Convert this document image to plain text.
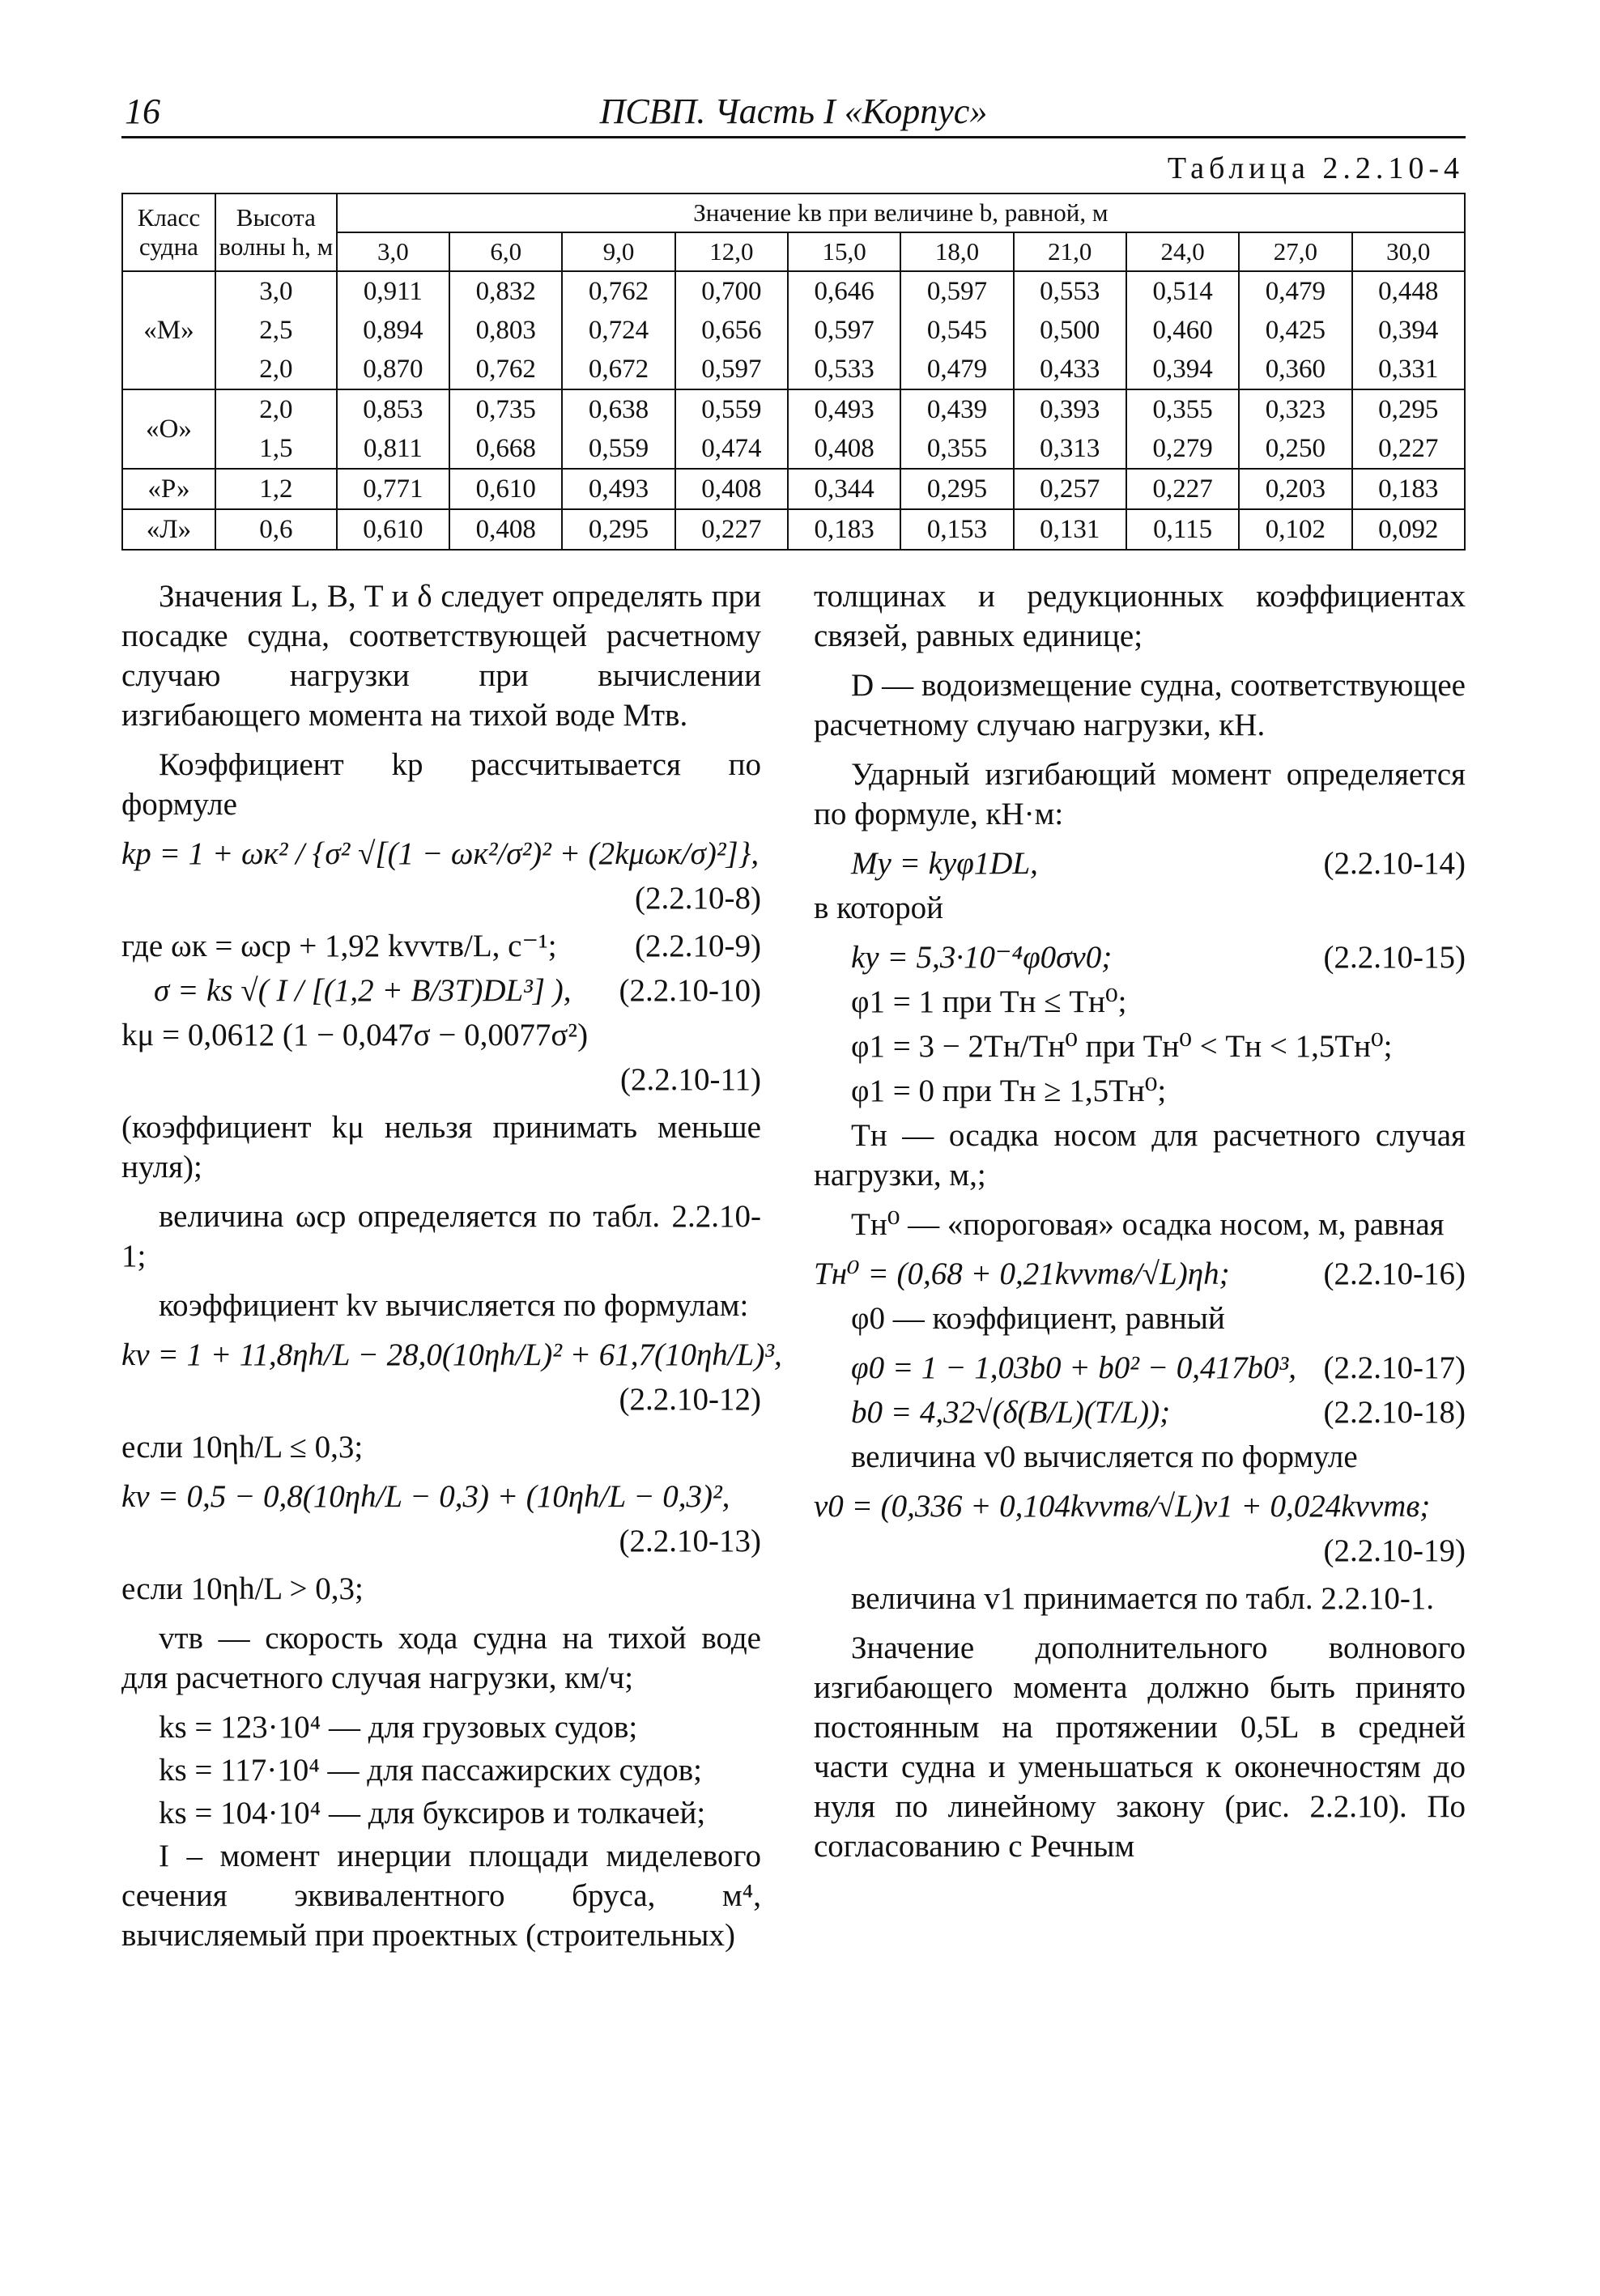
16	ПСВП. Часть I «Корпус»
Таблица 2.2.10-4
Класс судна	Высота волны h, м	Значение kв при величине b, равной, м									
		3,0	6,0	9,0	12,0	15,0	18,0	21,0	24,0	27,0	30,0
«М»	3,0	0,911	0,832	0,762	0,700	0,646	0,597	0,553	0,514	0,479	0,448
	2,5	0,894	0,803	0,724	0,656	0,597	0,545	0,500	0,460	0,425	0,394
	2,0	0,870	0,762	0,672	0,597	0,533	0,479	0,433	0,394	0,360	0,331
«О»	2,0	0,853	0,735	0,638	0,559	0,493	0,439	0,393	0,355	0,323	0,295
	1,5	0,811	0,668	0,559	0,474	0,408	0,355	0,313	0,279	0,250	0,227
«Р»	1,2	0,771	0,610	0,493	0,408	0,344	0,295	0,257	0,227	0,203	0,183
«Л»	0,6	0,610	0,408	0,295	0,227	0,183	0,153	0,131	0,115	0,102	0,092

Значения L, B, T и δ следует определять при посадке судна, соответствующей расчетному случаю нагрузки при вычислении изгибающего момента на тихой воде Mтв.

Коэффициент kр рассчитывается по формуле

kр = 1 + ωк² / {σ² √[(1 − ωк²/σ²)² + (2kμωк/σ)²]},
(2.2.10-8)
где ωк = ωср + 1,92 kvvтв/L, с⁻¹; (2.2.10-9)
σ = ks √( I / [(1,2 + B/3T)DL³] ), (2.2.10-10)
kμ = 0,0612 (1 − 0,047σ − 0,0077σ²)
(2.2.10-11)

(коэффициент kμ нельзя принимать меньше нуля);

величина ωср определяется по табл. 2.2.10-1;

коэффициент kv вычисляется по формулам:

kv = 1 + 11,8ηh/L − 28,0(10ηh/L)² + 61,7(10ηh/L)³,
(2.2.10-12)

если 10ηh/L ≤ 0,3;

kv = 0,5 − 0,8(10ηh/L − 0,3) + (10ηh/L − 0,3)²,
(2.2.10-13)

если 10ηh/L > 0,3;

vтв — скорость хода судна на тихой воде для расчетного случая нагрузки, км/ч;

ks = 123·10⁴ — для грузовых судов;

ks = 117·10⁴ — для пассажирских судов;

ks = 104·10⁴ — для буксиров и толкачей;

I – момент инерции площади миделевого сечения эквивалентного бруса, м⁴, вычисляемый при проектных (строительных)

толщинах и редукционных коэффициентах связей, равных единице;

D — водоизмещение судна, соответствующее расчетному случаю нагрузки, кН.

Ударный изгибающий момент определяется по формуле, кН·м:

Mу = kуφ1DL,	(2.2.10-14)

в которой

kу = 5,3·10⁻⁴φ0σv0;	(2.2.10-15)
φ1 = 1 при Tн ≤ Tн⁰;
φ1 = 3 − 2Tн/Tн⁰ при Tн⁰ < Tн < 1,5Tн⁰;
φ1 = 0 при Tн ≥ 1,5Tн⁰;

Tн — осадка носом для расчетного случая нагрузки, м,;

Tн⁰ — «пороговая» осадка носом, м, равная

Tн⁰ = (0,68 + 0,21kvvтв/√L)ηh;	(2.2.10-16)

φ0 — коэффициент, равный

φ0 = 1 − 1,03b0 + b0² − 0,417b0³, (2.2.10-17)
b0 = 4,32√(δ(B/L)(T/L));	(2.2.10-18)

величина v0 вычисляется по формуле

v0 = (0,336 + 0,104kvvтв/√L)v1 + 0,024kvvтв;
(2.2.10-19)

величина v1 принимается по табл. 2.2.10-1.

Значение дополнительного волнового изгибающего момента должно быть принято постоянным на протяжении 0,5L в средней части судна и уменьшаться к оконечностям до нуля по линейному закону (рис. 2.2.10). По согласованию с Речным
